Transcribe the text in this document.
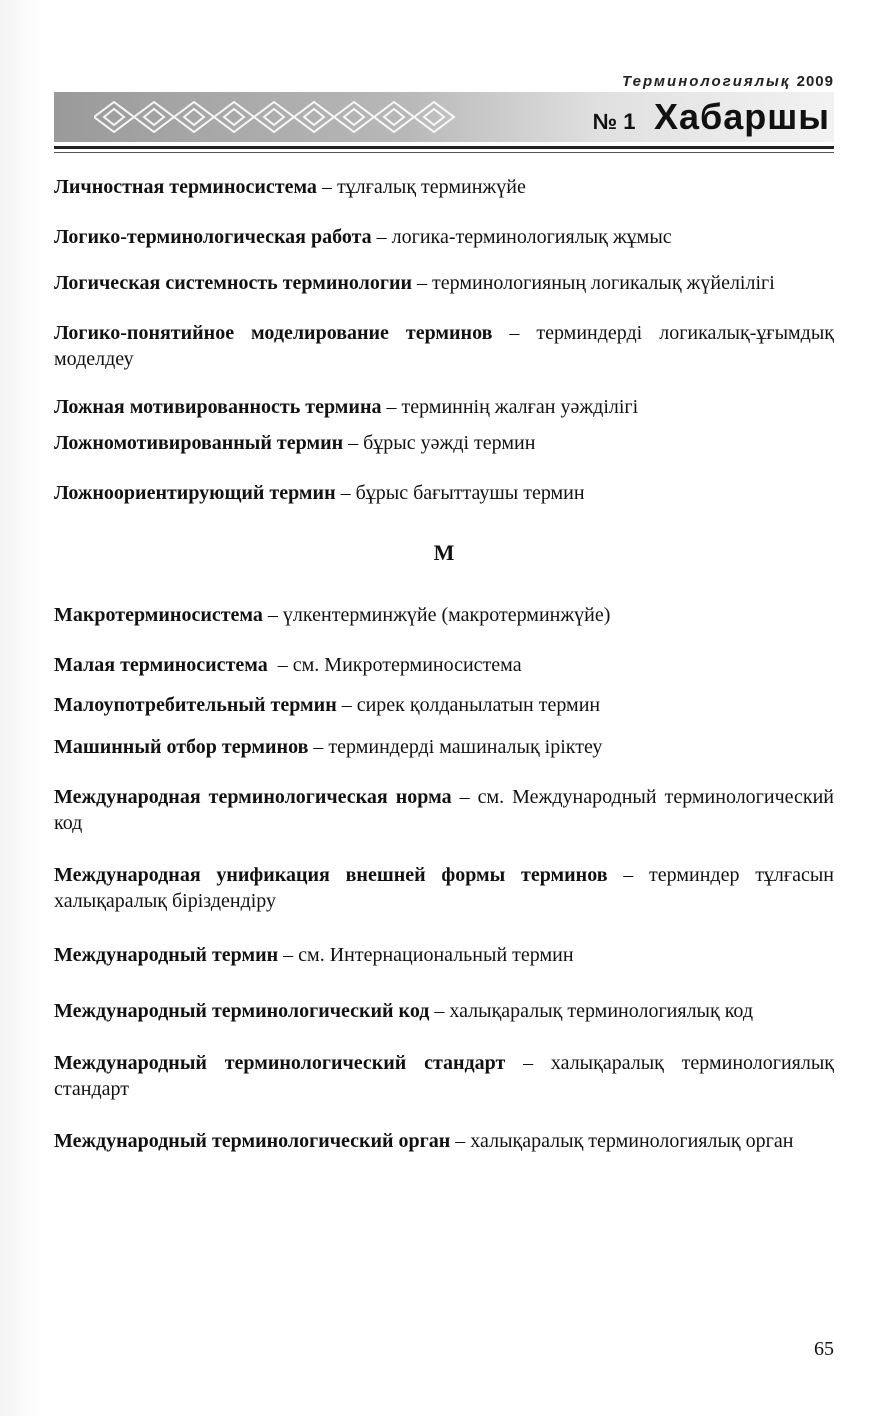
Терминологиялық 2009
№ 1 Хабаршы

Личностная терминосистема – тұлғалық терминжүйе

Логико-терминологическая работа – логика-терминологиялық жұмыс

Логическая системность терминологии – терминологияның логикалық жүйелілігі

Логико-понятийное моделирование терминов – терминдерді логикалық-ұғымдық моделдеу

Ложная мотивированность термина – терминнің жалған уәжділігі

Ложномотивированный термин – бұрыс уәжді термин

Ложноориентирующий термин – бұрыс бағыттаушы термин

М

Макротерминосистема – үлкентерминжүйе (макротерминжүйе)

Малая терминосистема  – см. Микротерминосистема

Малоупотребительный термин – сирек қолданылатын термин

Машинный отбор терминов – терминдерді машиналық іріктеу

Международная терминологическая норма – см. Международный терминологический код

Международная унификация внешней формы терминов – терминдер тұлғасын халықаралық біріздендіру

Международный термин – см. Интернациональный термин

Международный терминологический код – халықаралық терминологиялық код

Международный терминологический стандарт – халықаралық терминологиялық стандарт

Международный терминологический орган – халықаралық терминологиялық орган

65
